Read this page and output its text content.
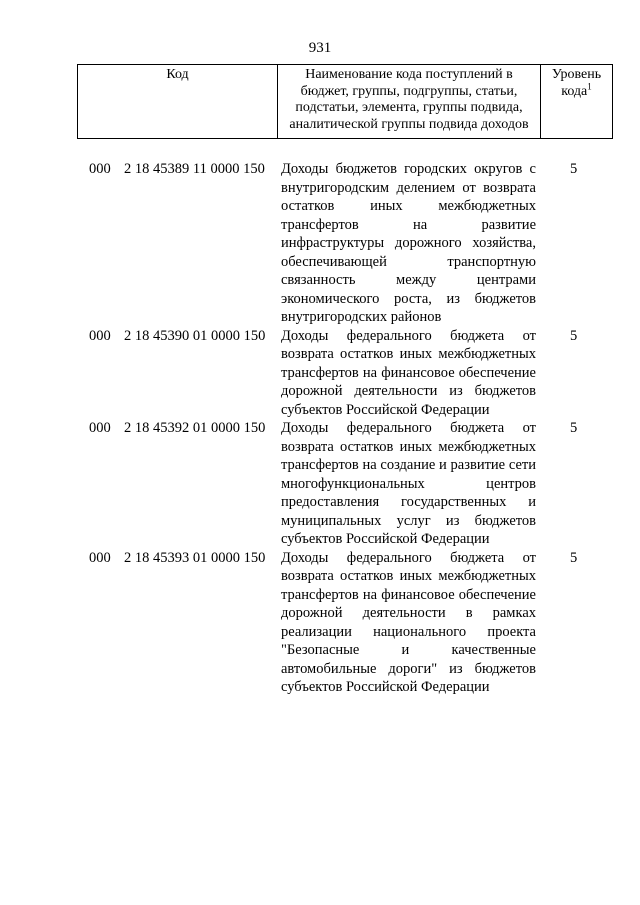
931
Код	Наименование кода поступлений в бюджет, группы, подгруппы, статьи, подстатьи, элемента, группы подвида, аналитической группы подвида доходов
Уровень кода$^1$
000 2 18 45389 11 0000 150 Доходы бюджетов городских округов с внутригородским делением от возврата остатков иных межбюджетных трансфертов на развитие инфраструктуры дорожного хозяйства, обеспечивающей транспортную связанность между центрами экономического роста, из бюджетов внутригородских районов
5
000 2 18 45390 01 0000 150 Доходы федерального бюджета от возврата остатков иных межбюджетных трансфертов на финансовое обеспечение дорожной деятельности из бюджетов субъектов Российской Федерации
5
000 2 18 45392 01 0000 150 Доходы федерального бюджета от возврата остатков иных межбюджетных трансфертов на создание и развитие сети многофункциональных центров предоставления государственных и муниципальных услуг из бюджетов субъектов Российской Федерации
5
000 2 18 45393 01 0000 150 Доходы федерального бюджета от возврата остатков иных межбюджетных трансфертов на финансовое обеспечение дорожной деятельности в рамках реализации национального проекта "Безопасные и качественные автомобильные дороги" из бюджетов субъектов Российской Федерации
5
